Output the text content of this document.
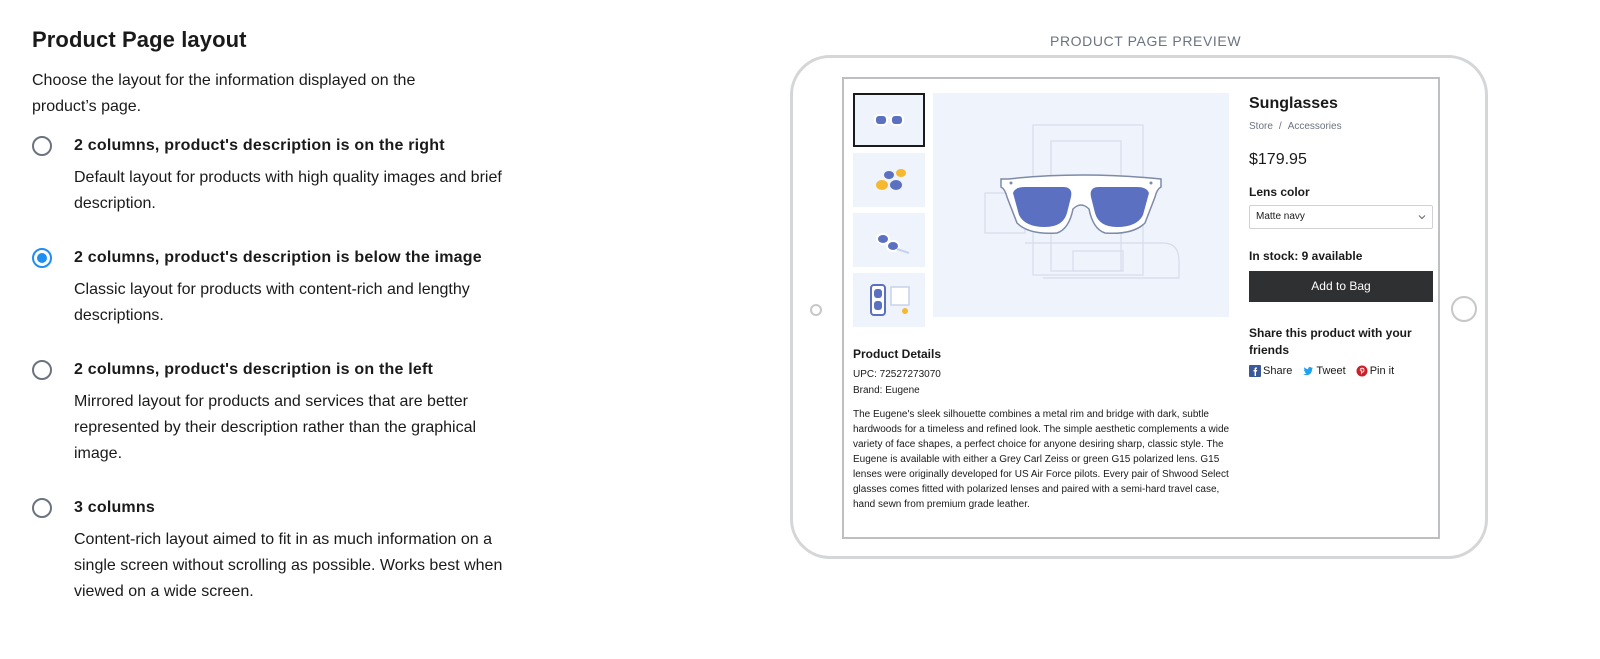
Product Page layout

Choose the layout for the information displayed on the product’s page.

2 columns, product's description is on the right
Default layout for products with high quality images and brief description.
2 columns, product's description is below the image
Classic layout for products with content-rich and lengthy descriptions.
2 columns, product's description is on the left
Mirrored layout for products and services that are better represented by their description rather than the graphical image.
3 columns
Content-rich layout aimed to fit in as much information on a single screen without scrolling as possible. Works best when viewed on a wide screen.
PRODUCT PAGE PREVIEW
Sunglasses
Store / Accessories
$179.95
Lens color
Matte navy
In stock: 9 available
Add to Bag
Share this product with your friends
Share Tweet Pin it
Product Details
UPC: 72527273070
Brand: Eugene
The Eugene's sleek silhouette combines a metal rim and bridge with dark, subtle hardwoods for a timeless and refined look. The simple aesthetic complements a wide variety of face shapes, a perfect choice for anyone desiring sharp, classic style. The Eugene is available with either a Grey Carl Zeiss or green G15 polarized lens. G15 lenses were originally developed for US Air Force pilots. Every pair of Shwood Select glasses comes fitted with polarized lenses and paired with a semi-hard travel case, hand sewn from premium grade leather.
